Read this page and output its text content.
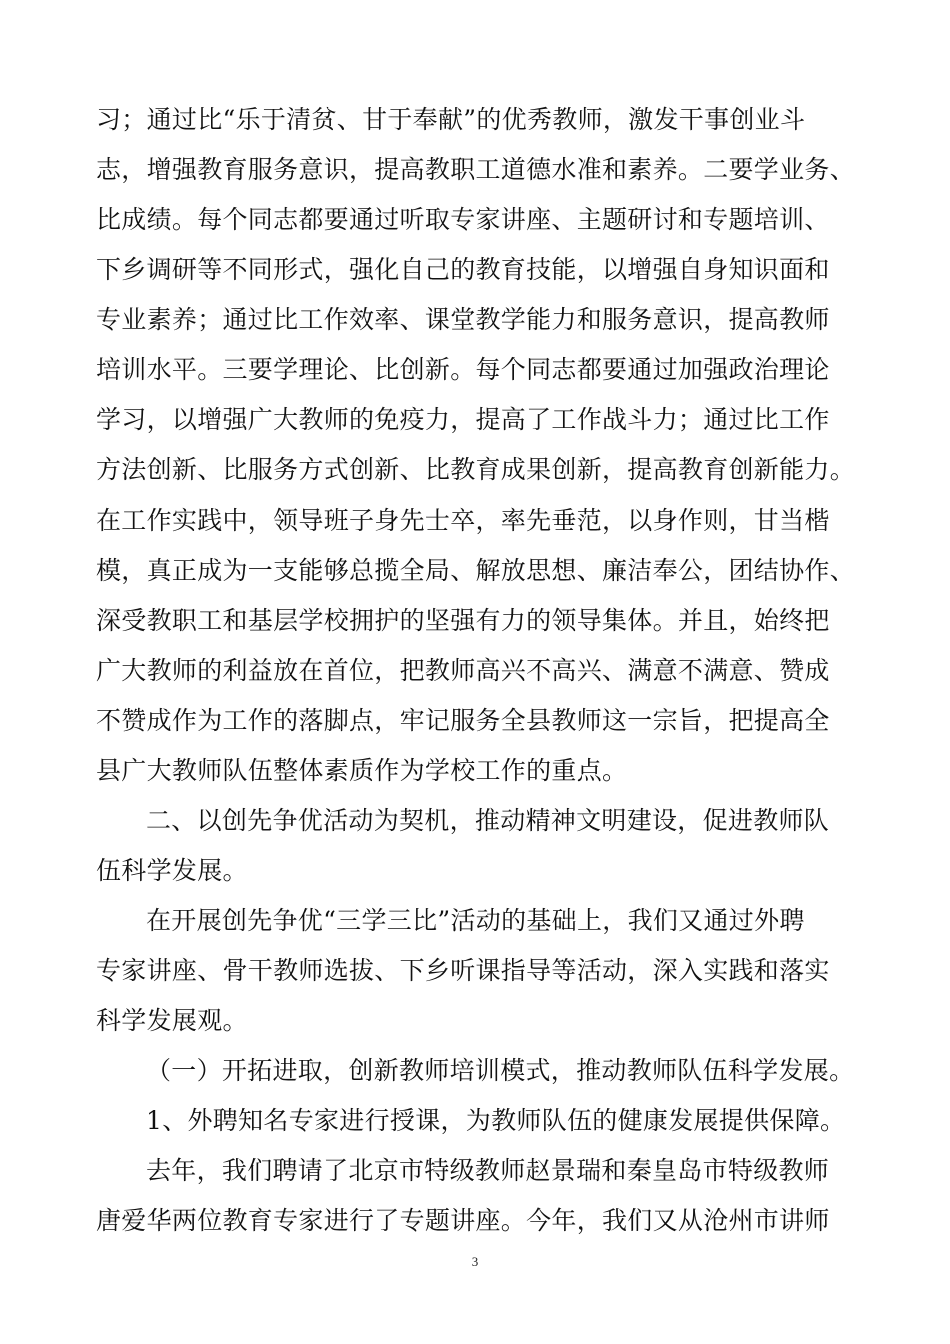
习；通过比“乐于清贫、甘于奉献”的优秀教师，激发干事创业斗
志，增强教育服务意识，提高教职工道德水准和素养。二要学业务、
比成绩。每个同志都要通过听取专家讲座、主题研讨和专题培训、
下乡调研等不同形式，强化自己的教育技能，以增强自身知识面和
专业素养；通过比工作效率、课堂教学能力和服务意识，提高教师
培训水平。三要学理论、比创新。每个同志都要通过加强政治理论
学习，以增强广大教师的免疫力，提高了工作战斗力；通过比工作
方法创新、比服务方式创新、比教育成果创新，提高教育创新能力。
在工作实践中，领导班子身先士卒，率先垂范，以身作则，甘当楷
模，真正成为一支能够总揽全局、解放思想、廉洁奉公，团结协作、
深受教职工和基层学校拥护的坚强有力的领导集体。并且，始终把
广大教师的利益放在首位，把教师高兴不高兴、满意不满意、赞成
不赞成作为工作的落脚点，牢记服务全县教师这一宗旨，把提高全
县广大教师队伍整体素质作为学校工作的重点。
二、以创先争优活动为契机，推动精神文明建设，促进教师队
伍科学发展。
在开展创先争优“三学三比”活动的基础上，我们又通过外聘
专家讲座、骨干教师选拔、下乡听课指导等活动，深入实践和落实
科学发展观。
（一）开拓进取，创新教师培训模式，推动教师队伍科学发展。
1、外聘知名专家进行授课，为教师队伍的健康发展提供保障。
去年，我们聘请了北京市特级教师赵景瑞和秦皇岛市特级教师
唐爱华两位教育专家进行了专题讲座。今年，我们又从沧州市讲师
3
